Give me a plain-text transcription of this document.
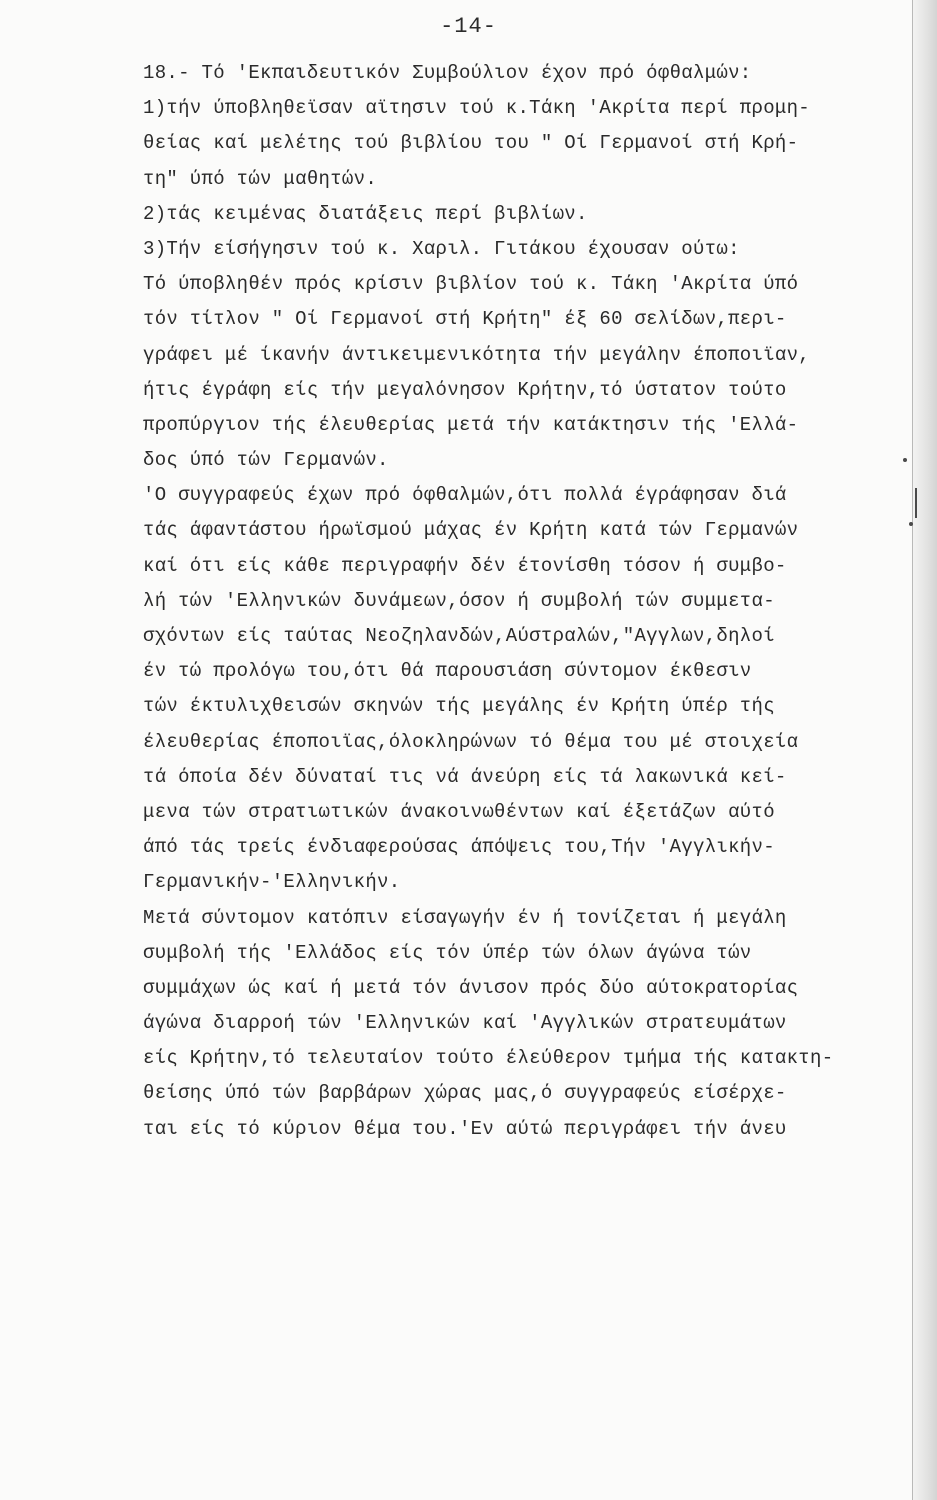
-14-
18.- Τό 'Εκπαιδευτικόν Συμβούλιον έχον πρό όφθαλμών:
1)τήν ύποβληθεϊσαν αϊτησιν τού κ.Τάκη 'Ακρίτα περί προμη-
θείας καί μελέτης τού βιβλίου του " Οί Γερμανοί στή Κρή-
τη" ύπό τών μαθητών.
2)τάς κειμένας διατάξεις περί βιβλίων.
3)Τήν είσήγησιν τού κ. Χαριλ. Γιτάκου έχουσαν ούτω:
Τό ύποβληθέν πρός κρίσιν βιβλίον τού κ. Τάκη 'Ακρίτα ύπό
τόν τίτλον " Οί Γερμανοί στή Κρήτη" έξ 60 σελίδων,περι-
γράφει μέ ίκανήν άντικειμενικότητα τήν μεγάλην έποποιϊαν,
ήτις έγράφη είς τήν μεγαλόνησον Κρήτην,τό ύστατον τούτο
προπύργιον τής έλευθερίας μετά τήν κατάκτησιν τής 'Ελλά-
δος ύπό τών Γερμανών.
'Ο συγγραφεύς έχων πρό όφθαλμών,ότι πολλά έγράφησαν διά
τάς άφαντάστου ήρωϊσμού μάχας έν Κρήτη κατά τών Γερμανών
καί ότι είς κάθε περιγραφήν δέν έτονίσθη τόσον ή συμβο-
λή τών 'Ελληνικών δυνάμεων,όσον ή συμβολή τών συμμετα-
σχόντων είς ταύτας Νεοζηλανδών,Αύστραλών,"Αγγλων,δηλοί
έν τώ προλόγω του,ότι θά παρουσιάση σύντομον έκθεσιν
τών έκτυλιχθεισών σκηνών τής μεγάλης έν Κρήτη ύπέρ τής
έλευθερίας έποποιϊας,όλοκληρώνων τό θέμα του μέ στοιχεία
τά όποία δέν δύναταί τις νά άνεύρη είς τά λακωνικά κεί-
μενα τών στρατιωτικών άνακοινωθέντων καί έξετάζων αύτό
άπό τάς τρείς ένδιαφερούσας άπόψεις του,Τήν 'Αγγλικήν-
Γερμανικήν-'Ελληνικήν.
Μετά σύντομον κατόπιν είσαγωγήν έν ή τονίζεται ή μεγάλη
συμβολή τής 'Ελλάδος είς τόν ύπέρ τών όλων άγώνα τών
συμμάχων ώς καί ή μετά τόν άνισον πρός δύο αύτοκρατορίας
άγώνα διαρροή τών 'Ελληνικών καί 'Αγγλικών στρατευμάτων
είς Κρήτην,τό τελευταίον τούτο έλεύθερον τμήμα τής κατακτη-
θείσης ύπό τών βαρβάρων χώρας μας,ό συγγραφεύς είσέρχε-
ται είς τό κύριον θέμα του.'Εν αύτώ περιγράφει τήν άνευ
